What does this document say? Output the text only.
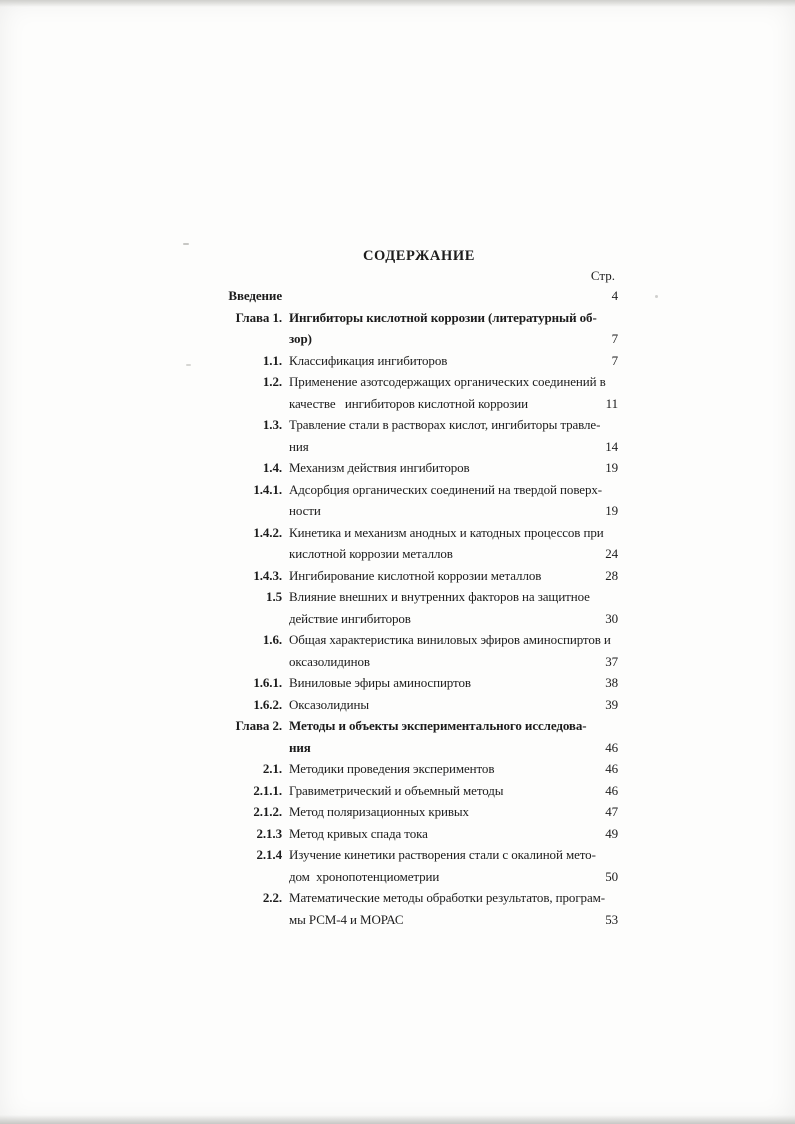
СОДЕРЖАНИЕ
Стр.
Введение	4
Глава 1. Ингибиторы кислотной коррозии (литературный об-
зор)	7
1.1. Классификация ингибиторов	7
1.2. Применение азотсодержащих органических соединений в
качестве   ингибиторов кислотной коррозии	11
1.3. Травление стали в растворах кислот, ингибиторы травле-
ния	14
1.4. Механизм действия ингибиторов	19
1.4.1. Адсорбция органических соединений на твердой поверх-
ности	19
1.4.2. Кинетика и механизм анодных и катодных процессов при
кислотной коррозии металлов	24
1.4.3. Ингибирование кислотной коррозии металлов	28
1.5 Влияние внешних и внутренних факторов на защитное
действие ингибиторов	30
1.6. Общая характеристика виниловых эфиров аминоспиртов и
оксазолидинов	37
1.6.1. Виниловые эфиры аминоспиртов	38
1.6.2. Оксазолидины	39
Глава 2. Методы и объекты экспериментального исследова-
ния	46
2.1. Методики проведения экспериментов	46
2.1.1. Гравиметрический и объемный методы	46
2.1.2. Метод поляризационных кривых	47
2.1.3 Метод кривых спада тока	49
2.1.4 Изучение кинетики растворения стали с окалиной мето-
дом  хронопотенциометрии	50
2.2. Математические методы обработки результатов, програм-
мы РСМ-4 и МОРАС	53
